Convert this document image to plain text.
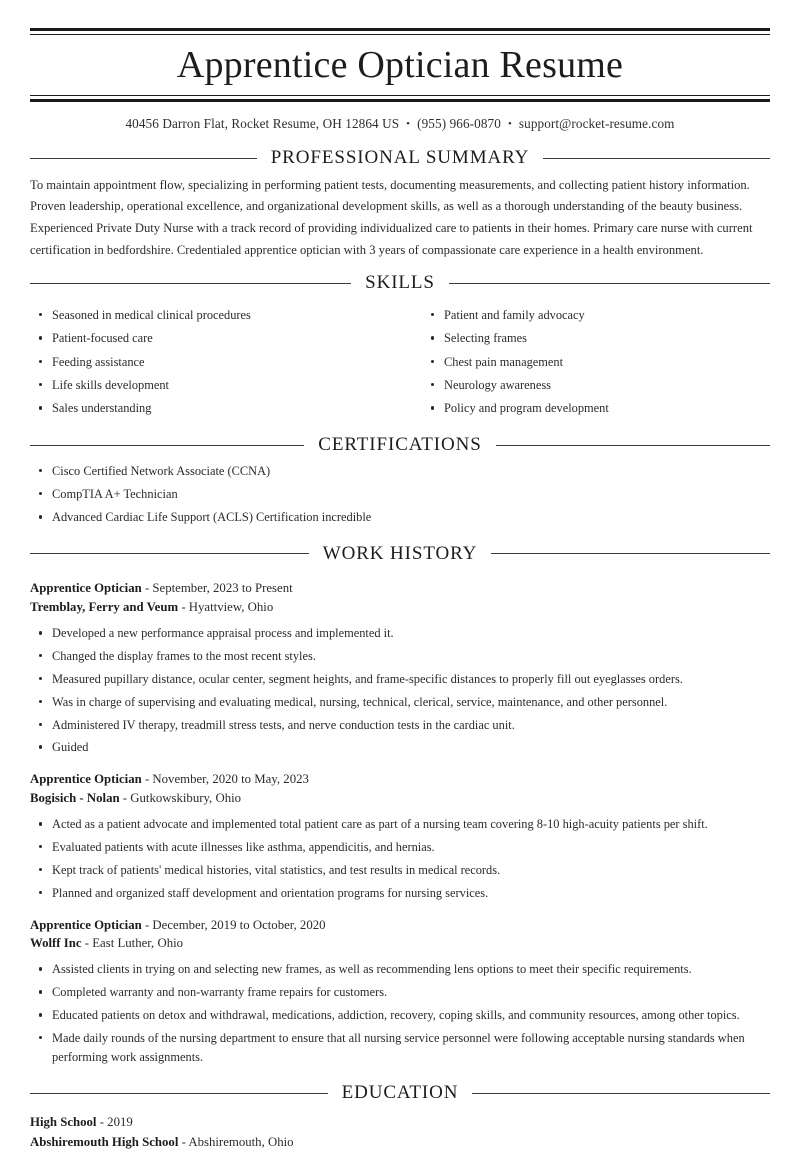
Apprentice Optician Resume
40456 Darron Flat, Rocket Resume, OH 12864 US • (955) 966-0870 • support@rocket-resume.com
PROFESSIONAL SUMMARY

To maintain appointment flow, specializing in performing patient tests, documenting measurements, and collecting patient history information. Proven leadership, operational excellence, and organizational development skills, as well as a thorough understanding of the beauty business. Experienced Private Duty Nurse with a track record of providing individualized care to patients in their homes. Primary care nurse with current certification in bedfordshire. Credentialed apprentice optician with 3 years of compassionate care experience in a health environment.

SKILLS
Seasoned in medical clinical procedures
Patient-focused care
Feeding assistance
Life skills development
Sales understanding
Patient and family advocacy
Selecting frames
Chest pain management
Neurology awareness
Policy and program development
CERTIFICATIONS
Cisco Certified Network Associate (CCNA)
CompTIA A+ Technician
Advanced Cardiac Life Support (ACLS) Certification incredible
WORK HISTORY
Apprentice Optician - September, 2023 to Present
Tremblay, Ferry and Veum - Hyattview, Ohio
Developed a new performance appraisal process and implemented it.
Changed the display frames to the most recent styles.
Measured pupillary distance, ocular center, segment heights, and frame-specific distances to properly fill out eyeglasses orders.
Was in charge of supervising and evaluating medical, nursing, technical, clerical, service, maintenance, and other personnel.
Administered IV therapy, treadmill stress tests, and nerve conduction tests in the cardiac unit.
Guided
Apprentice Optician - November, 2020 to May, 2023
Bogisich - Nolan - Gutkowskibury, Ohio
Acted as a patient advocate and implemented total patient care as part of a nursing team covering 8-10 high-acuity patients per shift.
Evaluated patients with acute illnesses like asthma, appendicitis, and hernias.
Kept track of patients' medical histories, vital statistics, and test results in medical records.
Planned and organized staff development and orientation programs for nursing services.
Apprentice Optician - December, 2019 to October, 2020
Wolff Inc - East Luther, Ohio
Assisted clients in trying on and selecting new frames, as well as recommending lens options to meet their specific requirements.
Completed warranty and non-warranty frame repairs for customers.
Educated patients on detox and withdrawal, medications, addiction, recovery, coping skills, and community resources, among other topics.
Made daily rounds of the nursing department to ensure that all nursing service personnel were following acceptable nursing standards when performing work assignments.
EDUCATION
High School - 2019
Abshiremouth High School - Abshiremouth, Ohio
